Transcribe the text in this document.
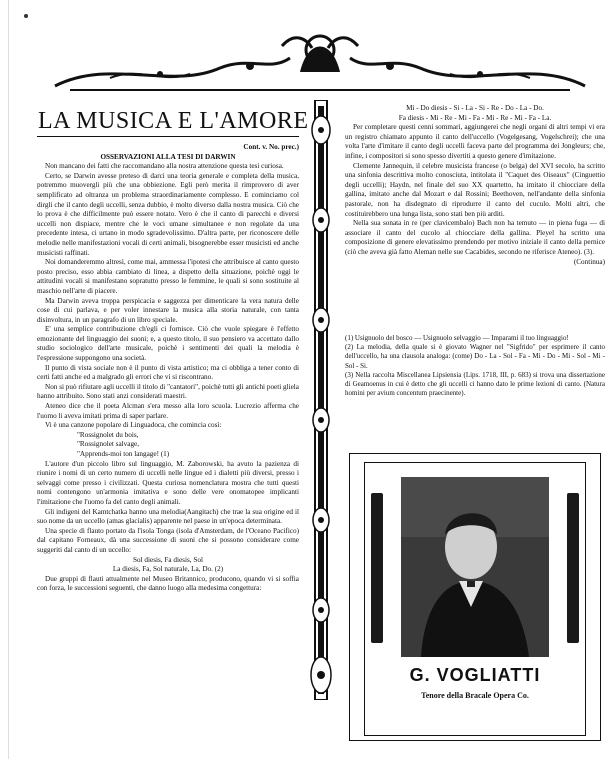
LA MUSICA E L'AMORE

Cont. v. No. prec.)

OSSERVAZIONI ALLA TESI DI DARWIN

Non mancano dei fatti che raccomandano alla nostra attenzione questa tesi curiosa.

Certo, se Darwin avesse preteso di darci una teoria generale e completa della musica, potremmo muovergli più che una obbiezione. Egli però merita il rimprovero di aver semplificato ad oltranza un problema straordinariamente complesso. E cominciamo col dirgli che il canto degli uccelli, senza dubbio, è molto diverso dalla nostra musica. Ciò che lo prova è che difficilmente può essere notato. Vero è che il canto di parecchi e diversi uccelli non dispiace, mentre che le voci umane simultanee e non regolate da una precedente intesa, ci urtano in modo sgradevolissimo. D'altra parte, per riconoscere delle melodie nelle manifestazioni vocali di certi animali, bisognerebbe esser musicisti ed anche musicisti raffinati.

Noi domanderemmo altresì, come mai, ammessa l'ipotesi che attribuisce al canto questo posto preciso, esso abbia cambiato di linea, a dispetto della situazione, poichè oggi le attitudini vocali si manifestano sopratutto presso le femmine, le quali si sono sostituite al maschio nell'arte di piacere.

Ma Darwin aveva troppa perspicacia e saggezza per dimenticare la vera natura delle cose di cui parlava, e per voler innestare la musica alla storia naturale, con tanta disinvoltura, in un paragrafo di un libro speciale.

E' una semplice contribuzione ch'egli ci fornisce. Ciò che vuole spiegare è l'effetto emozionante del linguaggio dei suoni; e, a questo titolo, il suo pensiero va accettato dallo studio sociologico dell'arte musicale, poichè i sentimenti dei quali la melodia è l'espressione suppongono una società.

Il punto di vista sociale non è il punto di vista artistico; ma ci obbliga a tener conto di certi fatti anche ed a malgrado gli errori che vi si riscontrano.

Non si può rifiutare agli uccelli il titolo di "cantatori", poichè tutti gli antichi poeti gliela hanno attribuito. Sono stati anzi considerati maestri.

Ateneo dice che il poeta Alcman s'era messo alla loro scuola. Lucrezio afferma che l'uomo li aveva imitati prima di saper parlare.

Vi è una canzone popolare di Linguadoca, che comincia così:

"Rossignolet du bois,

"Rossignolet salvage,

"Apprends-moi ton langage! (1)

L'autore d'un piccolo libro sul linguaggio, M. Zaborowski, ha avuto la pazienza di riunire i nomi di un certo numero di uccelli nelle lingue ed i dialetti più diversi, presso i selvaggi come presso i civilizzati. Questa curiosa nomenclatura mostra che tutti questi nomi contengono un'armonia imitativa e sono delle vere onomatopee implicanti l'imitazione che l'uomo fa del canto degli animali.

Gli indigeni del Kamtchatka hanno una melodia(Aangitach) che trae la sua origine ed il suo nome da un uccello (amas glacialis) apparente nel paese in un'epoca determinata.

Una specie di flauto portato da l'isola Tonga (isola d'Amsterdam, de l'Oceano Pacifico) dal capitano Forneaux, dà una successione di suoni che si possono considerare come suggeriti dal canto di un uccello:

Sol diesis, Fa diesis, Sol

La diesis, Fa, Sol naturale, La, Do. (2)

Due gruppi di flauti attualmente nel Museo Britannico, producono, quando vi si soffia con forza, le successioni seguenti, che danno luogo alla medesima congettura:

Mi - Do diesis - Si - La - Si - Re - Do - La - Do.

Fa diesis - Mi - Re - Mi - Fa - Mi - Re - Mi - Fa - La.

Per completare questi cenni sommari, aggiungerei che negli organi di altri tempi vi era un registro chiamato appunto il canto dell'uccello (Vogelgesang, Vogelschrei); che una volta l'arte d'imitare il canto degli uccelli faceva parte del programma dei Jongleurs; che, infine, i compositori si sono spesso divertiti a questo genere d'imitazione.

Clemente Jannequin, il celebre musicista francese (o belga) del XVI secolo, ha scritto una sinfonia descrittiva molto conosciuta, intitolata il "Caquet des Oiseaux" (Cinguettio degli uccelli); Haydn, nel finale del suo XX quartetto, ha imitato il chiocciare della gallina, imitato anche dal Mozart e dal Rossini; Beethoven, nell'andante della sinfonia pastorale, non ha disdegnato di riprodurre il canto del cuculo. Molti altri, che costituirebbero una lunga lista, sono stati ben più arditi.

Nella sua sonata in re (per clavicembalo) Bach non ha temuto — in piena fuga — di associare il canto del cucolo al chiocciare della gallina. Pleyel ha scritto una composizione di genere elevatissimo prendendo per motivo iniziale il canto della pernice (ciò che aveva già fatto Aleman nelle sue Cacabides, secondo ne riferisce Ateneo). (3).

(Continua)

(1) Usignuolo del bosco — Usignuolo selvaggio — Imparami il tuo linguaggio!

(2) La melodia, della quale si è giovato Wagner nel "Sigfrido" per esprimere il canto dell'uccello, ha una clausola analoga: (come) Do - La - Sol - Fa - Mi - Do - Mi - Sol - Mi - Sol - Si.

(3) Nella raccolta Miscellanea Lipsiensia (Lips. 1718, III, p. 683) si trova una dissertazione di Geamoenus in cui è detto che gli uccelli ci hanno dato le prime lezioni di canto. (Natura homini per avium concentum praecinente).

G. VOGLIATTI
Tenore della Bracale Opera Co.
